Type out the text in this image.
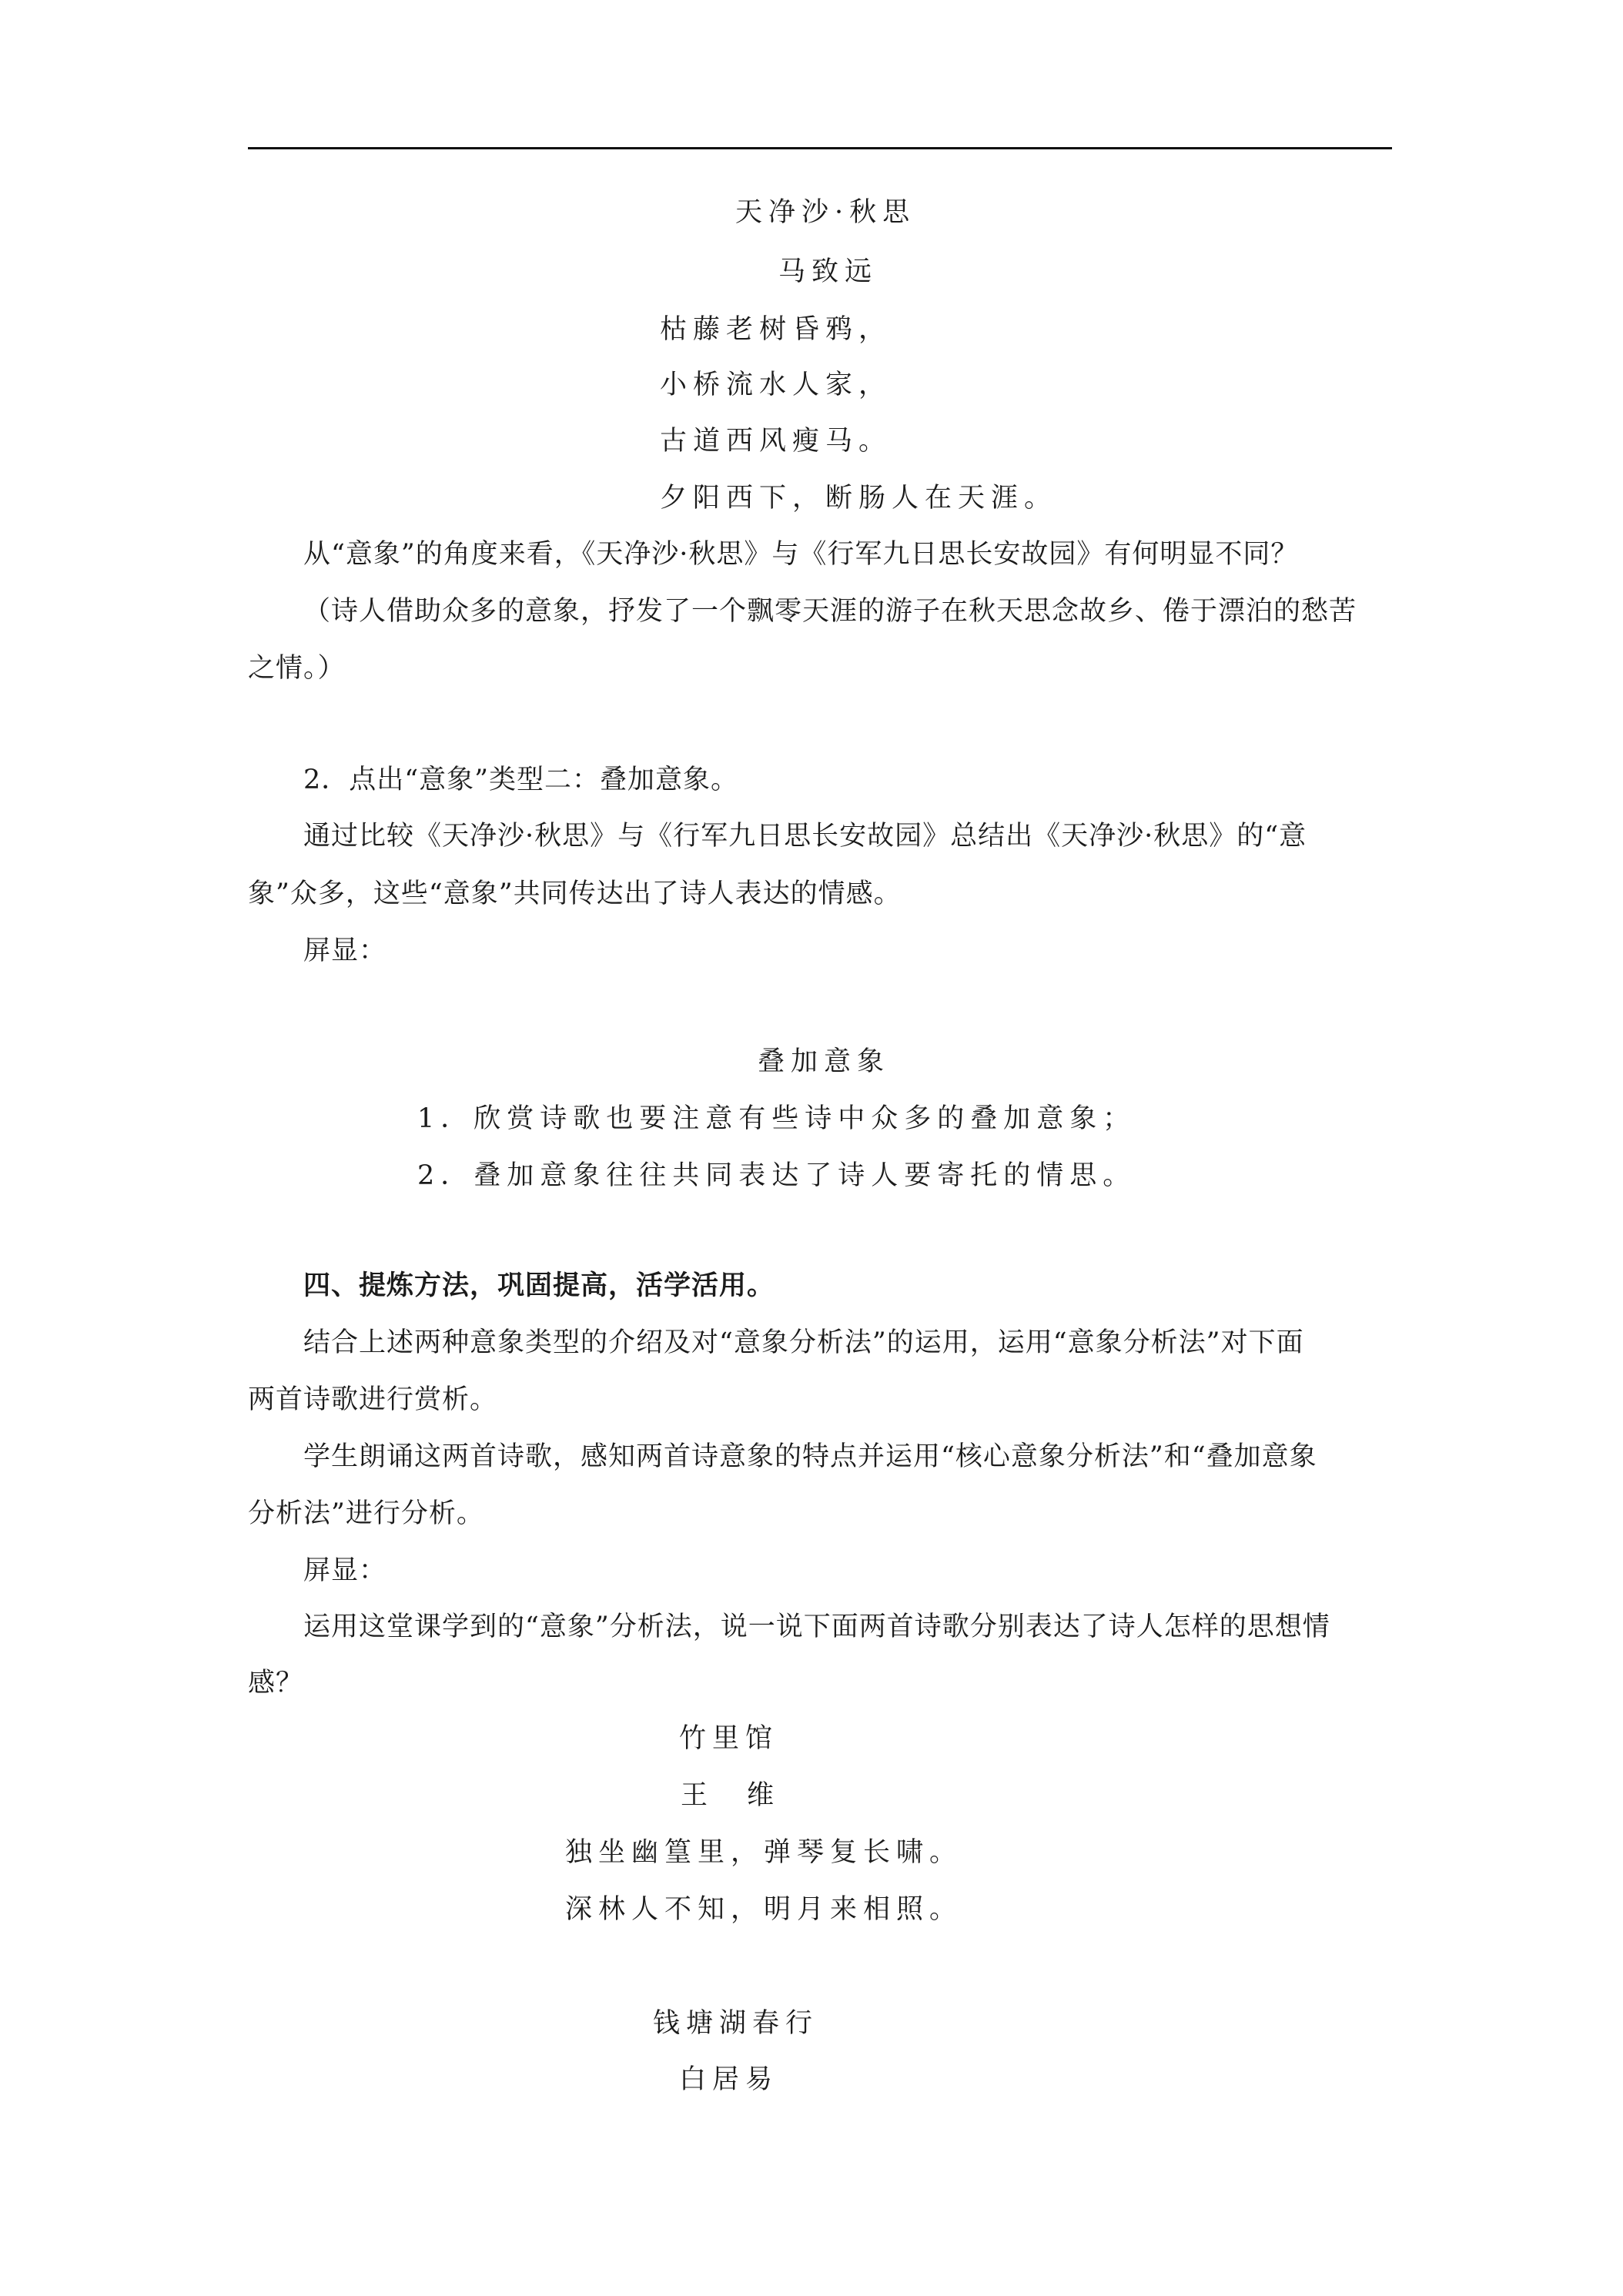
天净沙·秋思
马致远
枯藤老树昏鸦，
小桥流水人家，
古道西风瘦马。
夕阳西下，断肠人在天涯。
从“意象”的角度来看，《天净沙·秋思》与《行军九日思长安故园》有何明显不同？
（诗人借助众多的意象，抒发了一个飘零天涯的游子在秋天思念故乡、倦于漂泊的愁苦
之情。）
2．点出“意象”类型二：叠加意象。
通过比较《天净沙·秋思》与《行军九日思长安故园》总结出《天净沙·秋思》的“意
象”众多，这些“意象”共同传达出了诗人表达的情感。
屏显：
叠加意象
1．欣赏诗歌也要注意有些诗中众多的叠加意象；
2．叠加意象往往共同表达了诗人要寄托的情思。
四、提炼方法，巩固提高，活学活用。
结合上述两种意象类型的介绍及对“意象分析法”的运用，运用“意象分析法”对下面
两首诗歌进行赏析。
学生朗诵这两首诗歌，感知两首诗意象的特点并运用“核心意象分析法”和“叠加意象
分析法”进行分析。
屏显：
运用这堂课学到的“意象”分析法，说一说下面两首诗歌分别表达了诗人怎样的思想情
感？
竹里馆
王　维
独坐幽篁里，弹琴复长啸。
深林人不知，明月来相照。
钱塘湖春行
白居易
